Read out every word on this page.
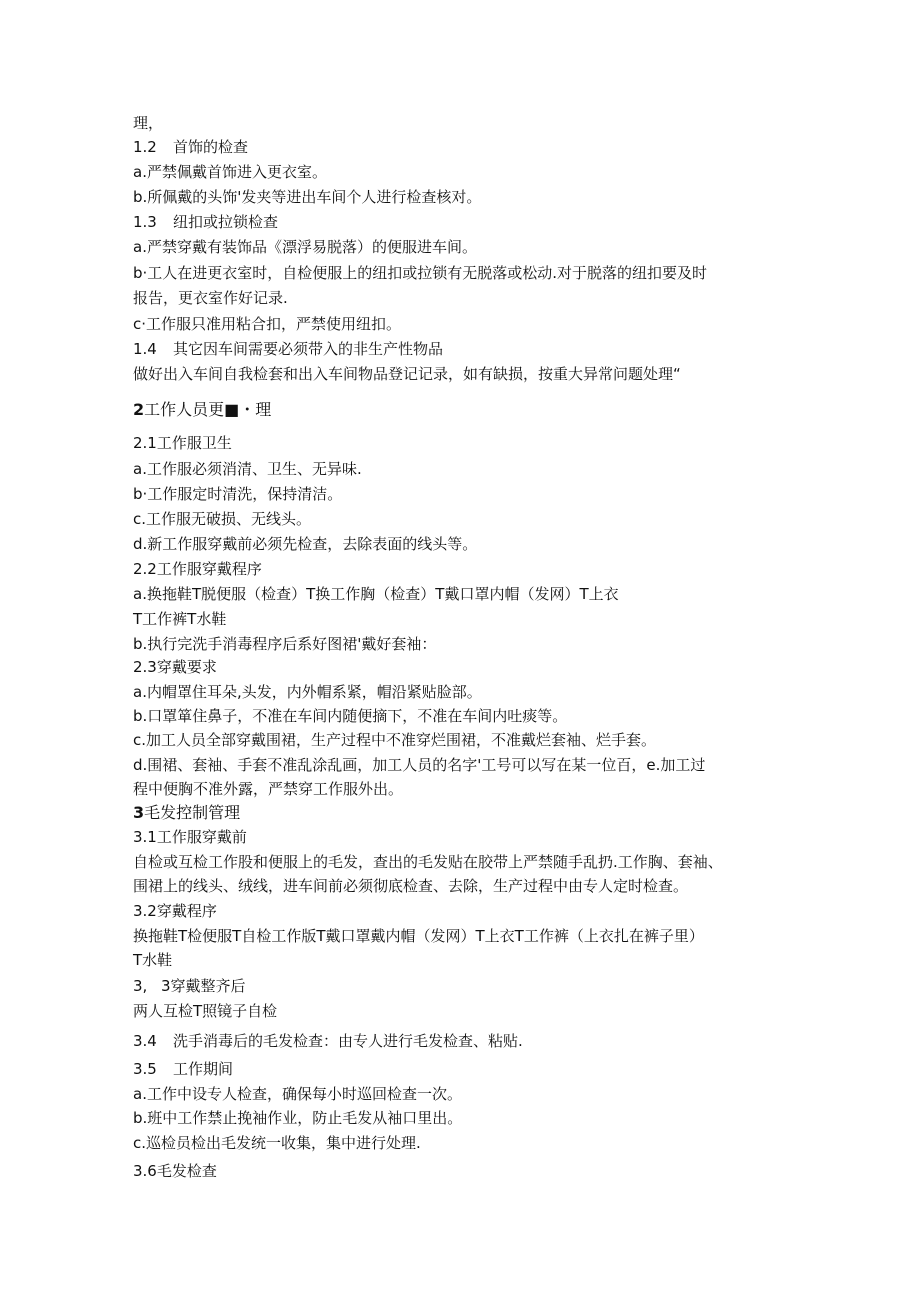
理，
1.2 首饰的检查
a.严禁佩戴首饰进入更衣室。
b.所佩戴的头饰'发夹等进出车间个人进行检查核对。
1.3 纽扣或拉锁检查
a.严禁穿戴有装饰品《漂浮易脱落）的便服进车间。
b·工人在进更衣室时，自检便服上的纽扣或拉锁有无脱落或松动.对于脱落的纽扣要及时
报告，更衣室作好记录.
c·工作服只准用粘合扣，严禁使用纽扣。
1.4 其它因车间需要必须带入的非生产性物品
做好出入车间自我检套和出入车间物品登记记录，如有缺损，按重大异常问题处理“
2工作人员更■・理
2.1工作服卫生
a.工作服必须消清、卫生、无异味.
b·工作服定时清洗，保持清洁。
c.工作服无破损、无线头。
d.新工作服穿戴前必须先检查，去除表面的线头等。
2.2工作服穿戴程序
a.换拖鞋T脱便服（检查）T换工作胸（检查）T戴口罩内帽（发网）T上衣
T工作裤T水鞋
b.执行完洗手消毒程序后系好图裙'戴好套袖：
2.3穿戴要求
a.内帽罩住耳朵,头发，内外帽系紧，帽沿紧贴脸部。
b.口罩箪住鼻子，不准在车间内随便摘下，不准在车间内吐痰等。
c.加工人员全部穿戴围裙，生产过程中不准穿烂围裙，不准戴烂套袖、烂手套。
d.围裙、套袖、手套不准乱涂乱画，加工人员的名字'工号可以写在某一位百，e.加工过
程中便胸不准外露，严禁穿工作服外出。
3毛发控制管理
3.1工作服穿戴前
自检或互检工作股和便服上的毛发，查出的毛发贴在胶带上严禁随手乱扔.工作胸、套袖、
围裙上的线头、绒线，进车间前必须彻底检查、去除，生产过程中由专人定时检查。
3.2穿戴程序
换拖鞋T检便服T自检工作版T戴口罩戴内帽（发网）T上衣T工作裤（上衣扎在裤子里）
T水鞋
3, 3穿戴整齐后
两人互检T照镜子自检
3.4 洗手消毒后的毛发检查：由专人进行毛发检查、粘贴.
3.5 工作期间
a.工作中设专人检查，确保每小时巡回检查一次。
b.班中工作禁止挽袖作业，防止毛发从袖口里出。
c.巡检员检出毛发统一收集，集中进行处理.
3.6毛发检查
